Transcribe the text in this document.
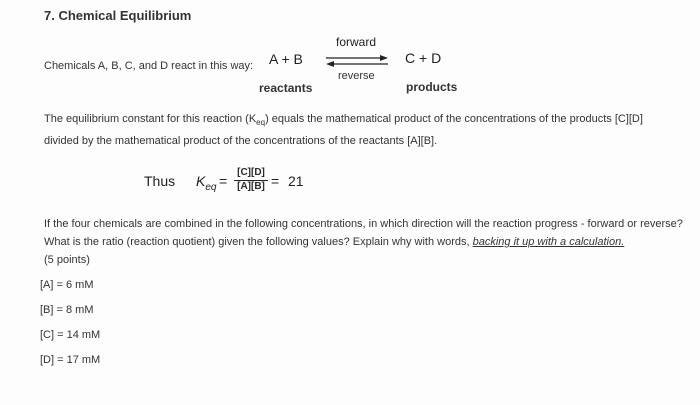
7. Chemical Equilibrium
Chemicals A, B, C, and D react in this way: A + B
forward
reverse
C + D
reactants	products
The equilibrium constant for this reaction $(K_{eq})$ equals the mathematical product of the concentrations of the products [C][D] divided by the mathematical product of the concentrations of the reactants [A][B].
Thus $K_{eq} = \frac{[C][D]}{[A][B]} = 21$
If the four chemicals are combined in the following concentrations, in which direction will the reaction progress - forward or reverse? What is the ratio (reaction quotient) given the following values? Explain why with words, backing it up with a calculation.
(5 points)
[A] = 6 mM
[B] = 8 mM
[C] = 14 mM
[D] = 17 mM
